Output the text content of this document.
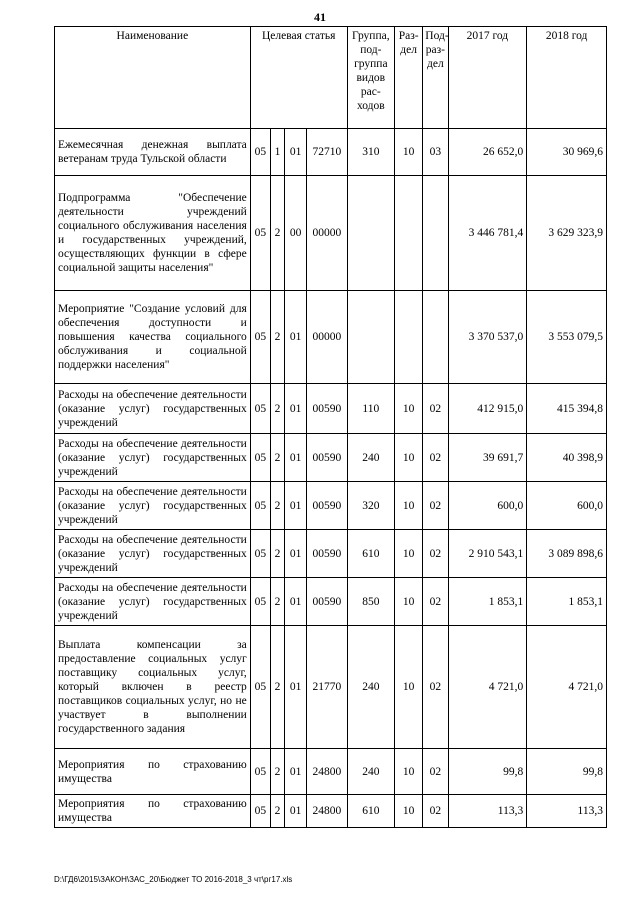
41
Наименование	Целевая статья				Группа, под-группа видов рас-ходов	Раз-дел	Под-раз-дел	2017 год	2018 год
Ежемесячная денежная выплата ветеранам труда Тульской области	05	1	01	72710	310	10	03	26 652,0	30 969,6
Подпрограмма "Обеспечение деятельности учреждений социального обслуживания населения и государственных учреждений, осуществляющих функции в сфере социальной защиты населения"	05	2	00	00000				3 446 781,4	3 629 323,9
Мероприятие "Создание условий для обеспечения доступности и повышения качества социального обслуживания и социальной поддержки населения"	05	2	01	00000				3 370 537,0	3 553 079,5
Расходы на обеспечение деятельности (оказание услуг) государственных учреждений	05	2	01	00590	110	10	02	412 915,0	415 394,8
Расходы на обеспечение деятельности (оказание услуг) государственных учреждений	05	2	01	00590	240	10	02	39 691,7	40 398,9
Расходы на обеспечение деятельности (оказание услуг) государственных учреждений	05	2	01	00590	320	10	02	600,0	600,0
Расходы на обеспечение деятельности (оказание услуг) государственных учреждений	05	2	01	00590	610	10	02	2 910 543,1	3 089 898,6
Расходы на обеспечение деятельности (оказание услуг) государственных учреждений	05	2	01	00590	850	10	02	1 853,1	1 853,1
Выплата компенсации за предоставление социальных услуг поставщику социальных услуг, который включен в реестр поставщиков социальных услуг, но не участвует в выполнении государственного задания	05	2	01	21770	240	10	02	4 721,0	4 721,0
Мероприятия по страхованию имущества	05	2	01	24800	240	10	02	99,8	99,8
Мероприятия по страхованию имущества	05	2	01	24800	610	10	02	113,3	113,3
D:\ГД6\2015\ЗАКОН\ЗАС_20\Бюджет ТО 2016-2018_3 чт\рг17.xls
